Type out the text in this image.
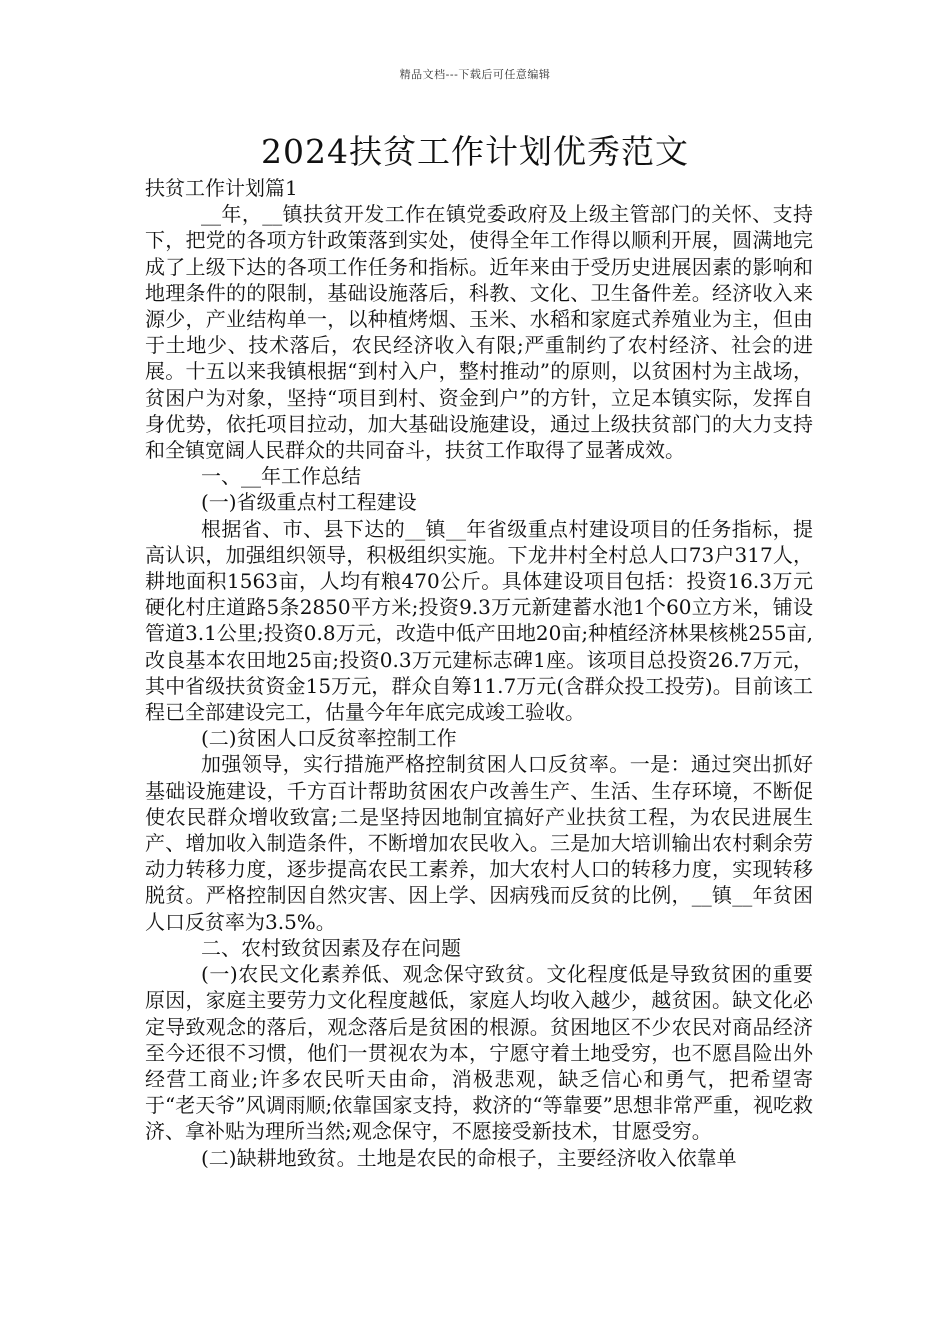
精品文档---下载后可任意编辑
2024扶贫工作计划优秀范文

扶贫工作计划篇1

__年，__镇扶贫开发工作在镇党委政府及上级主管部门的关怀、支持下，把党的各项方针政策落到实处，使得全年工作得以顺利开展，圆满地完成了上级下达的各项工作任务和指标。近年来由于受历史进展因素的影响和地理条件的的限制，基础设施落后，科教、文化、卫生备件差。经济收入来源少，产业结构单一，以种植烤烟、玉米、水稻和家庭式养殖业为主，但由于土地少、技术落后，农民经济收入有限;严重制约了农村经济、社会的进展。十五以来我镇根据“到村入户，整村推动”的原则，以贫困村为主战场，贫困户为对象，坚持“项目到村、资金到户”的方针，立足本镇实际，发挥自身优势，依托项目拉动，加大基础设施建设，通过上级扶贫部门的大力支持和全镇宽阔人民群众的共同奋斗，扶贫工作取得了显著成效。

一、__年工作总结

(一)省级重点村工程建设

根据省、市、县下达的__镇__年省级重点村建设项目的任务指标，提高认识，加强组织领导，积极组织实施。下龙井村全村总人口73户317人，耕地面积1563亩，人均有粮470公斤。具体建设项目包括：投资16.3万元硬化村庄道路5条2850平方米;投资9.3万元新建蓄水池1个60立方米，铺设管道3.1公里;投资0.8万元，改造中低产田地20亩;种植经济林果核桃255亩,改良基本农田地25亩;投资0.3万元建标志碑1座。该项目总投资26.7万元，其中省级扶贫资金15万元，群众自筹11.7万元(含群众投工投劳)。目前该工程已全部建设完工，估量今年年底完成竣工验收。

(二)贫困人口反贫率控制工作

加强领导，实行措施严格控制贫困人口反贫率。一是：通过突出抓好基础设施建设，千方百计帮助贫困农户改善生产、生活、生存环境，不断促使农民群众增收致富;二是坚持因地制宜搞好产业扶贫工程，为农民进展生产、增加收入制造条件，不断增加农民收入。三是加大培训输出农村剩余劳动力转移力度，逐步提高农民工素养，加大农村人口的转移力度，实现转移脱贫。严格控制因自然灾害、因上学、因病残而反贫的比例，__镇__年贫困人口反贫率为3.5%。

二、农村致贫因素及存在问题

(一)农民文化素养低、观念保守致贫。文化程度低是导致贫困的重要原因，家庭主要劳力文化程度越低，家庭人均收入越少，越贫困。缺文化必定导致观念的落后，观念落后是贫困的根源。贫困地区不少农民对商品经济至今还很不习惯，他们一贯视农为本，宁愿守着土地受穷，也不愿昌险出外经营工商业;许多农民听天由命，消极悲观，缺乏信心和勇气，把希望寄于“老天爷”风调雨顺;依靠国家支持，救济的“等靠要”思想非常严重，视吃救济、拿补贴为理所当然;观念保守，不愿接受新技术，甘愿受穷。

(二)缺耕地致贫。土地是农民的命根子，主要经济收入依靠单
